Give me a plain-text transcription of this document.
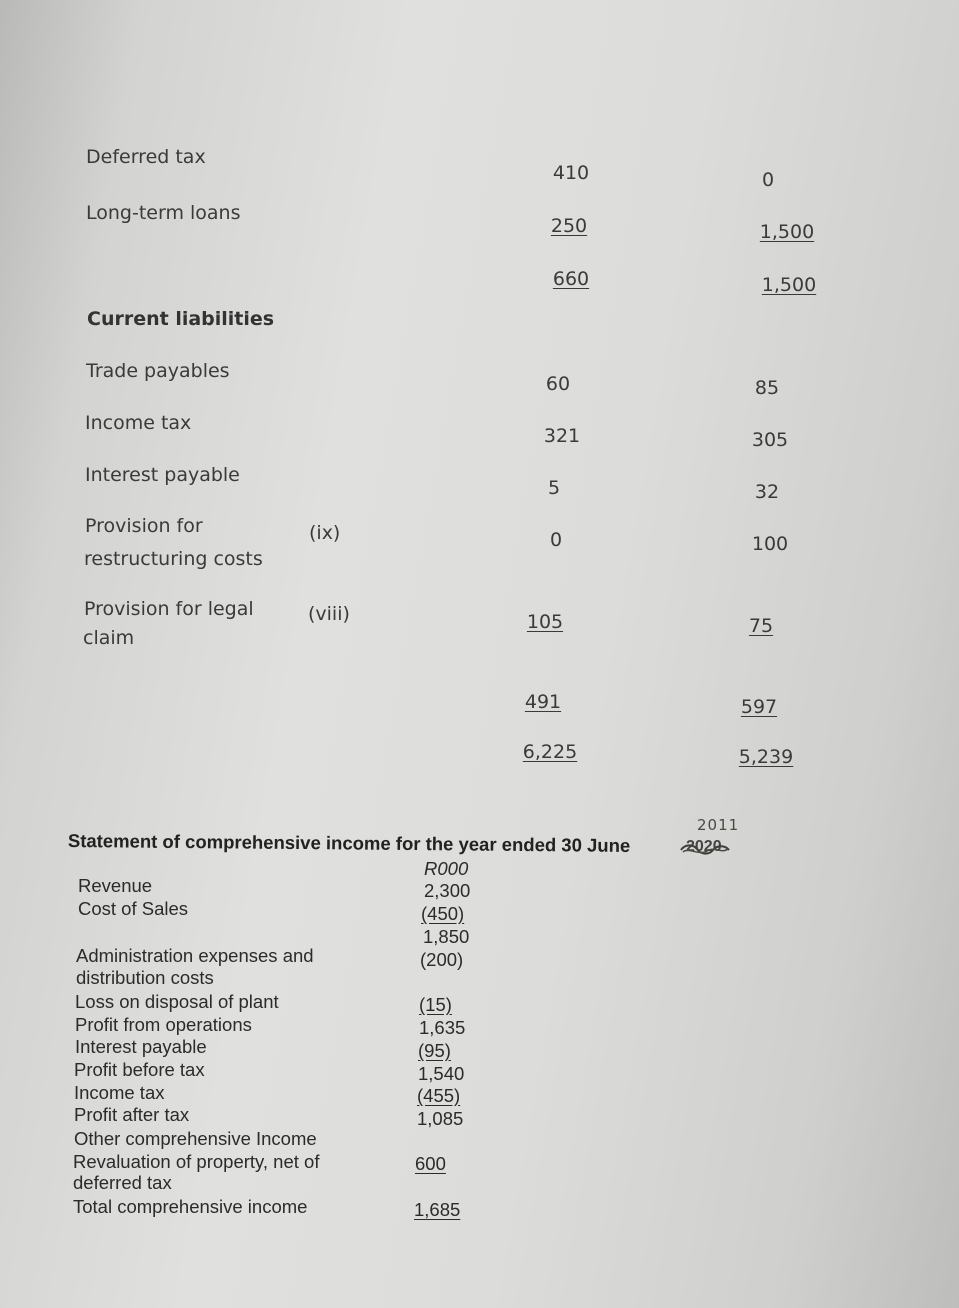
Deferred tax
410	0
Long-term loans
250	1,500
660	1,500
Current liabilities
Trade payables
60	85
Income tax
321	305
Interest payable
5	32
Provision for
restructuring costs
(ix)	0	100
Provision for legal
claim
(viii)	105	75
491	597
6,225	5,239
2011
Statement of comprehensive income for the year ended 30 June	2020
R000
Revenue	2,300
Cost of Sales	(450)
1,850
Administration expenses and
distribution costs
(200)
Loss on disposal of plant	(15)
Profit from operations	1,635
Interest payable	(95)
Profit before tax	1,540
Income tax	(455)
Profit after tax	1,085
Other comprehensive Income
Revaluation of property, net of
deferred tax
600
Total comprehensive income	1,685
